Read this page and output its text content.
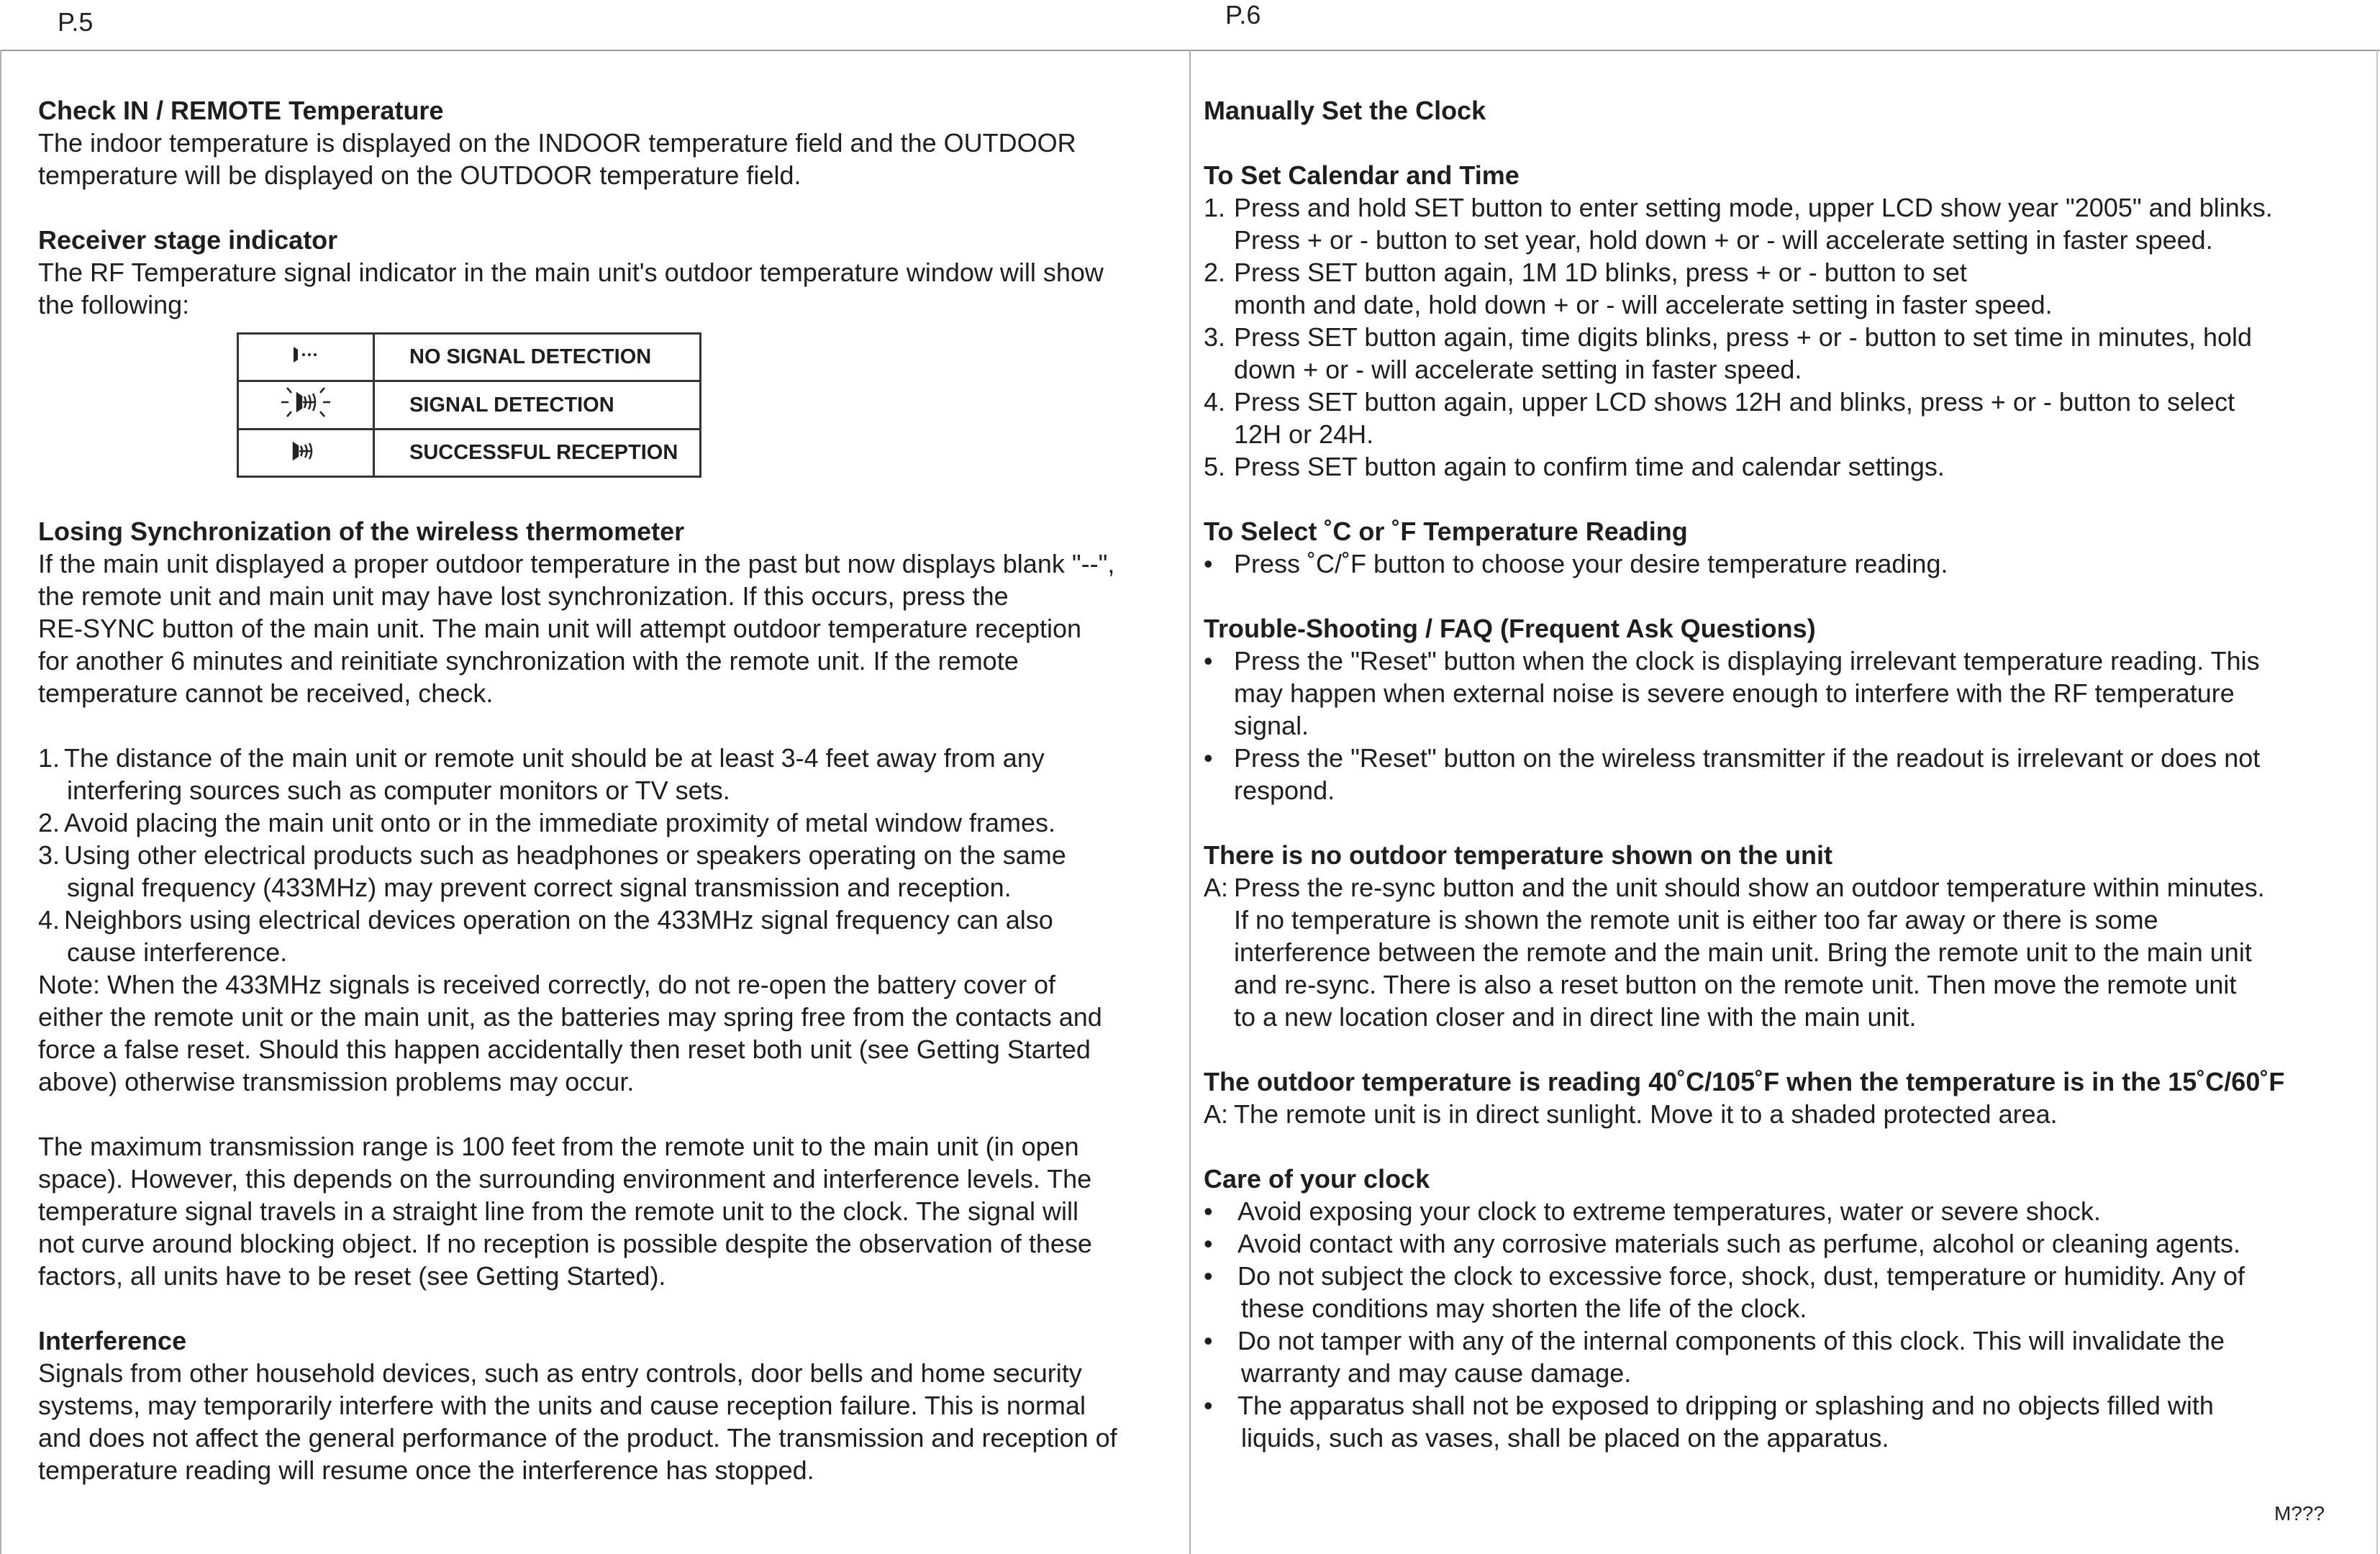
P.5	P.6
	NO SIGNAL DETECTION
	SIGNAL DETECTION
	SUCCESSFUL RECEPTION
Check IN / REMOTE Temperature
The indoor temperature is displayed on the INDOOR temperature field and the OUTDOOR
temperature will be displayed on the OUTDOOR temperature field.
Receiver stage indicator
The RF Temperature signal indicator in the main unit's outdoor temperature window will show
the following:
Losing Synchronization of the wireless thermometer
If the main unit displayed a proper outdoor temperature in the past but now displays blank "--",
the remote unit and main unit may have lost synchronization. If this occurs, press the
RE-SYNC button of the main unit. The main unit will attempt outdoor temperature reception
for another 6 minutes and reinitiate synchronization with the remote unit. If the remote
temperature cannot be received, check.
1. The distance of the main unit or remote unit should be at least 3-4 feet away from any
interfering sources such as computer monitors or TV sets.
2. Avoid placing the main unit onto or in the immediate proximity of metal window frames.
3. Using other electrical products such as headphones or speakers operating on the same
signal frequency (433MHz) may prevent correct signal transmission and reception.
4. Neighbors using electrical devices operation on the 433MHz signal frequency can also
cause interference.
Note: When the 433MHz signals is received correctly, do not re-open the battery cover of
either the remote unit or the main unit, as the batteries may spring free from the contacts and
force a false reset. Should this happen accidentally then reset both unit (see Getting Started
above) otherwise transmission problems may occur.
The maximum transmission range is 100 feet from the remote unit to the main unit (in open
space). However, this depends on the surrounding environment and interference levels. The
temperature signal travels in a straight line from the remote unit to the clock. The signal will
not curve around blocking object. If no reception is possible despite the observation of these
factors, all units have to be reset (see Getting Started).
Interference
Signals from other household devices, such as entry controls, door bells and home security
systems, may temporarily interfere with the units and cause reception failure. This is normal
and does not affect the general performance of the product. The transmission and reception of
temperature reading will resume once the interference has stopped.
Manually Set the Clock
To Set Calendar and Time
1. Press and hold SET button to enter setting mode, upper LCD show year "2005" and blinks.
Press + or - button to set year, hold down + or - will accelerate setting in faster speed.
2. Press SET button again, 1M 1D blinks, press + or - button to set
month and date, hold down + or - will accelerate setting in faster speed.
3. Press SET button again, time digits blinks, press + or - button to set time in minutes, hold
down + or - will accelerate setting in faster speed.
4. Press SET button again, upper LCD shows 12H and blinks, press + or - button to select
12H or 24H.
5. Press SET button again to confirm time and calendar settings.
To Select ˚C or ˚F Temperature Reading
• Press ˚C/˚F button to choose your desire temperature reading.
Trouble-Shooting / FAQ (Frequent Ask Questions)
• Press the "Reset" button when the clock is displaying irrelevant temperature reading. This
may happen when external noise is severe enough to interfere with the RF temperature
signal.
• Press the "Reset" button on the wireless transmitter if the readout is irrelevant or does not
respond.
There is no outdoor temperature shown on the unit
A: Press the re-sync button and the unit should show an outdoor temperature within minutes.
If no temperature is shown the remote unit is either too far away or there is some
interference between the remote and the main unit. Bring the remote unit to the main unit
and re-sync. There is also a reset button on the remote unit. Then move the remote unit
to a new location closer and in direct line with the main unit.
The outdoor temperature is reading 40˚C/105˚F when the temperature is in the 15˚C/60˚F
A: The remote unit is in direct sunlight. Move it to a shaded protected area.
Care of your clock
• Avoid exposing your clock to extreme temperatures, water or severe shock.
• Avoid contact with any corrosive materials such as perfume, alcohol or cleaning agents.
• Do not subject the clock to excessive force, shock, dust, temperature or humidity. Any of
these conditions may shorten the life of the clock.
• Do not tamper with any of the internal components of this clock. This will invalidate the
warranty and may cause damage.
• The apparatus shall not be exposed to dripping or splashing and no objects filled with
liquids, such as vases, shall be placed on the apparatus.
M???
